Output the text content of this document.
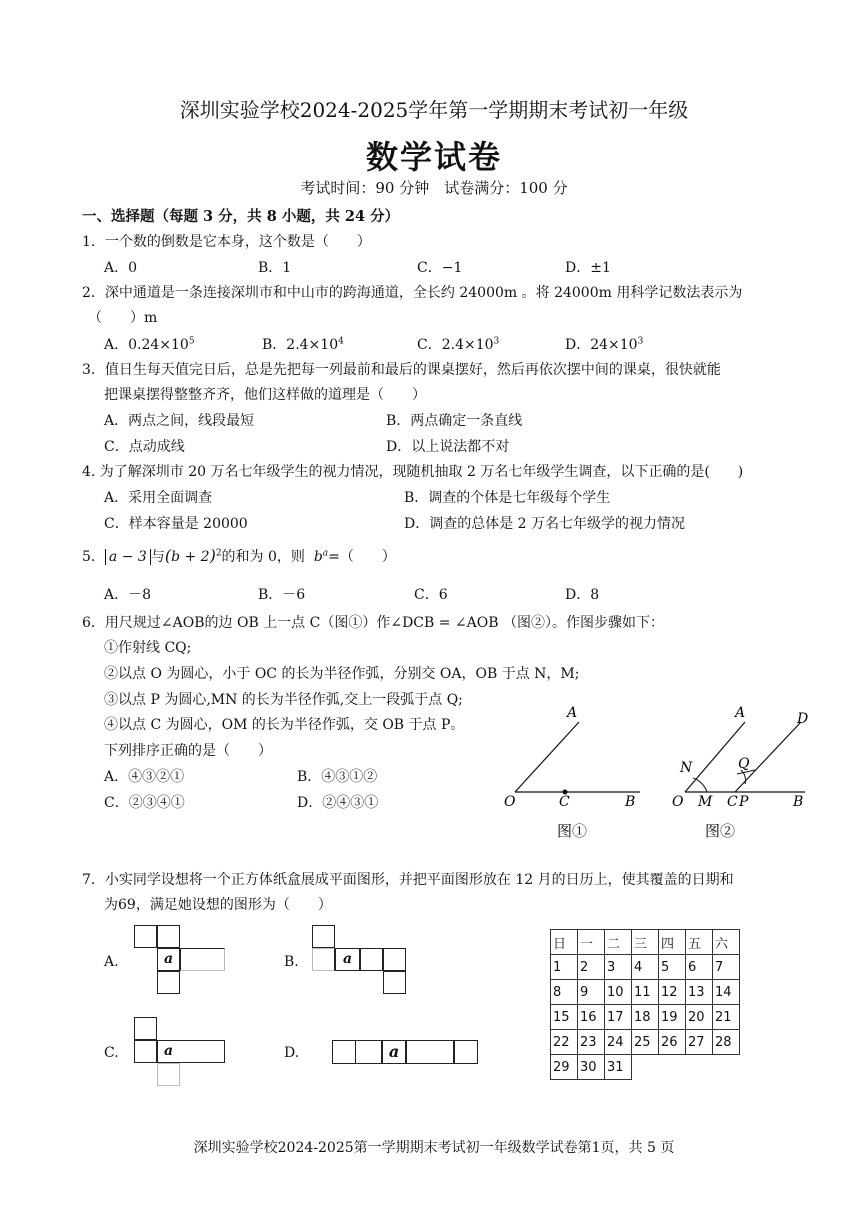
深圳实验学校2024-2025学年第一学期期末考试初一年级
数学试卷
考试时间：90 分钟　试卷满分：100 分
一、选择题（每题 3 分，共 8 小题，共 24 分）
1．一个数的倒数是它本身，这个数是（　　）
A．0	B．1	C．−1	D．±1
2．深中通道是一条连接深圳市和中山市的跨海通道，全长约 24000m 。将 24000m 用科学记数法表示为
（　　）m
A．$0.24\times 10^5$	B．$2.4\times 10^4$	C．$2.4\times 10^3$	D．$24\times 10^3$
3．值日生每天值完日后，总是先把每一列最前和最后的课桌摆好，然后再依次摆中间的课桌，很快就能
把课桌摆得整整齐齐，他们这样做的道理是（　　）
A．两点之间，线段最短	B．两点确定一条直线
C．点动成线	D．以上说法都不对
4. 为了解深圳市 20 万名七年级学生的视力情况，现随机抽取 2 万名七年级学生调查，以下正确的是(　　)
A．采用全面调查	B．调查的个体是七年级每个学生
C．样本容量是 20000	D．调查的总体是 2 万名七年级学的视力情况
5． a − 3 与$(b + 2)^2$的和为 0，则 $b^a=$（　　）
A．－8	B．－6	C．6	D．8
6．用尺规过∠AOB的边 OB 上一点 C（图①）作∠DCB = ∠AOB （图②）。作图步骤如下：
①作射线 CQ;
②以点 O 为圆心，小于 OC 的长为半径作弧，分别交 OA，OB 于点 N，M;
③以点 P 为圆心,MN 的长为半径作弧,交上一段弧于点 Q;
④以点 C 为圆心，OM 的长为半径作弧，交 OB 于点 P。
下列排序正确的是（　　）
A．④③②①	B．④③①②
C．②③④①	D．②④③①
A
O	C	B
图①
A	D
N	Q
O M C P	B
图②
7．小实同学设想将一个正方体纸盒展成平面图形，并把平面图形放在 12 月的日历上，使其覆盖的日期和
为69，满足她设想的图形为（　　）
A.	a	B.	a
C.	a	D.	a
日	一	二	三	四	五	六
1	2	3	4	5	6	7
8	9	10	11	12	13	14
15	16	17	18	19	20	21
22	23	24	25	26	27	28
29	30	31				
深圳实验学校2024-2025第一学期期末考试初一年级数学试卷第1页，共 5 页
